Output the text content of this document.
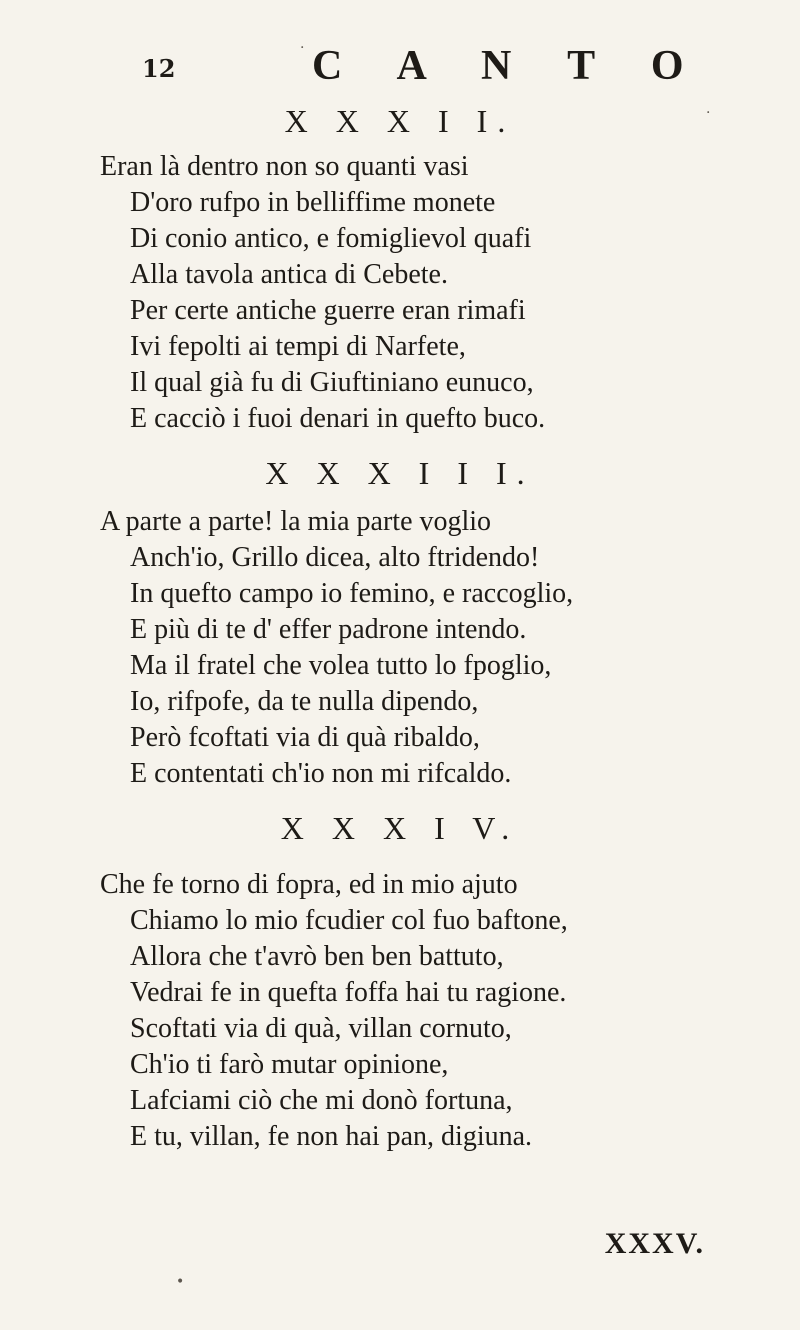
12	C A N T O
X X X I I.
Eran là dentro non so quanti vasi
D'oro rufpo in belliffime monete
Di conio antico, e fomiglievol quafi
Alla tavola antica di Cebete.
Per certe antiche guerre eran rimafi
Ivi fepolti ai tempi di Narfete,
Il qual già fu di Giuftiniano eunuco,
E cacciò i fuoi denari in quefto buco.
X X X I I I.
A parte a parte! la mia parte voglio
Anch'io, Grillo dicea, alto ftridendo!
In quefto campo io femino, e raccoglio,
E più di te d' effer padrone intendo.
Ma il fratel che volea tutto lo fpoglio,
Io, rifpofe, da te nulla dipendo,
Però fcoftati via di quà ribaldo,
E contentati ch'io non mi rifcaldo.
X X X I V.
Che fe torno di fopra, ed in mio ajuto
Chiamo lo mio fcudier col fuo baftone,
Allora che t'avrò ben ben battuto,
Vedrai fe in quefta foffa hai tu ragione.
Scoftati via di quà, villan cornuto,
Ch'io ti farò mutar opinione,
Lafciami ciò che mi donò fortuna,
E tu, villan, fe non hai pan, digiuna.
XXXV.
·
·
•
